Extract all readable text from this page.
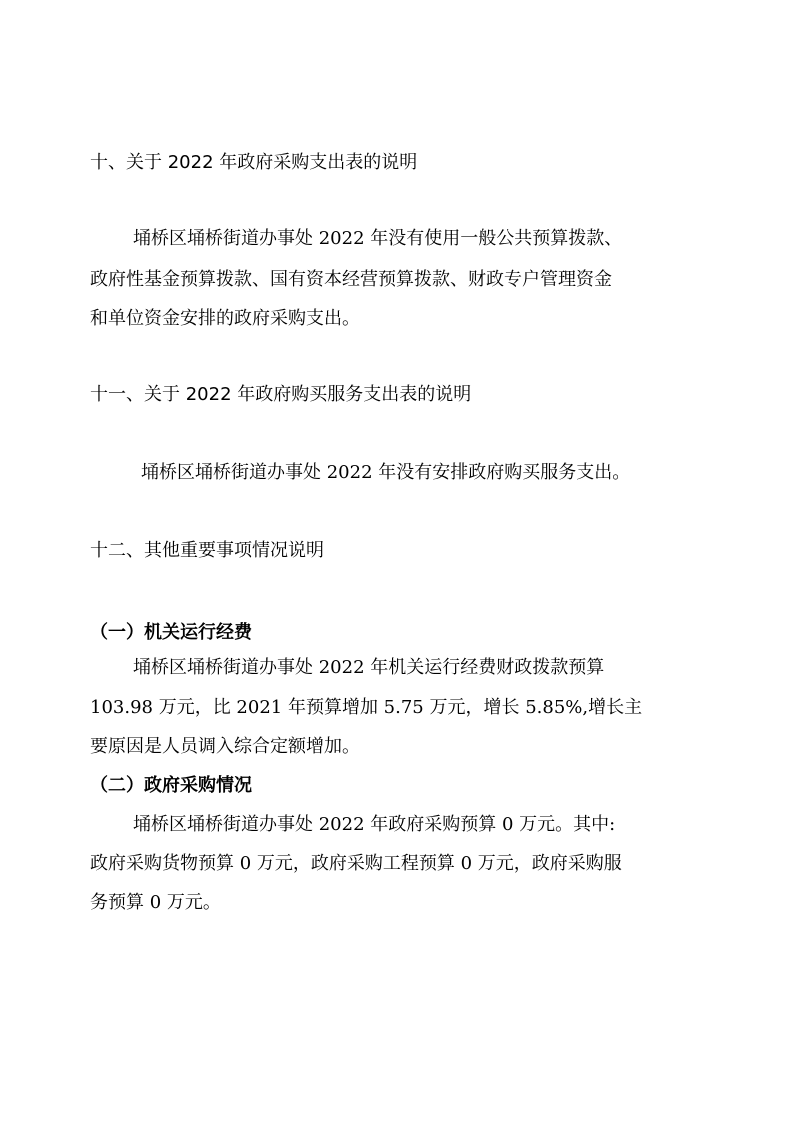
十、关于 2022 年政府采购支出表的说明
埇桥区埇桥街道办事处 2022 年没有使用一般公共预算拨款、
政府性基金预算拨款、国有资本经营预算拨款、财政专户管理资金
和单位资金安排的政府采购支出。
十一、关于 2022 年政府购买服务支出表的说明
埇桥区埇桥街道办事处 2022 年没有安排政府购买服务支出。
十二、其他重要事项情况说明
（一）机关运行经费
埇桥区埇桥街道办事处 2022 年机关运行经费财政拨款预算
103.98 万元，比 2021 年预算增加 5.75 万元，增长 5.85%,增长主
要原因是人员调入综合定额增加。
（二）政府采购情况
埇桥区埇桥街道办事处 2022 年政府采购预算 0 万元。其中:
政府采购货物预算 0 万元，政府采购工程预算 0 万元，政府采购服
务预算 0 万元。
